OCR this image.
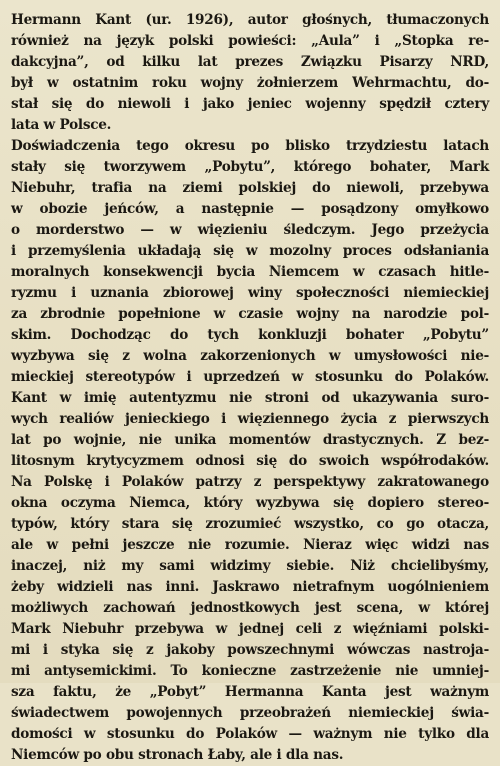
Hermann Kant (ur. 1926), autor głośnych, tłumaczonych
również na język polski powieści: „Aula” i „Stopka re-
dakcyjna”, od kilku lat prezes Związku Pisarzy NRD,
był w ostatnim roku wojny żołnierzem Wehrmachtu, do-
stał się do niewoli i jako jeniec wojenny spędził cztery
lata w Polsce.
Doświadczenia tego okresu po blisko trzydziestu latach
stały się tworzywem „Pobytu”, którego bohater, Mark
Niebuhr, trafia na ziemi polskiej do niewoli, przebywa
w obozie jeńców, a następnie — posądzony omyłkowo
o morderstwo — w więzieniu śledczym. Jego przeżycia
i przemyślenia układają się w mozolny proces odsłaniania
moralnych konsekwencji bycia Niemcem w czasach hitle-
ryzmu i uznania zbiorowej winy społeczności niemieckiej
za zbrodnie popełnione w czasie wojny na narodzie pol-
skim. Dochodząc do tych konkluzji bohater „Pobytu”
wyzbywa się z wolna zakorzenionych w umysłowości nie-
mieckiej stereotypów i uprzedzeń w stosunku do Polaków.
Kant w imię autentyzmu nie stroni od ukazywania suro-
wych realiów jenieckiego i więziennego życia z pierwszych
lat po wojnie, nie unika momentów drastycznych. Z bez-
litosnym krytycyzmem odnosi się do swoich współrodaków.
Na Polskę i Polaków patrzy z perspektywy zakratowanego
okna oczyma Niemca, który wyzbywa się dopiero stereo-
typów, który stara się zrozumieć wszystko, co go otacza,
ale w pełni jeszcze nie rozumie. Nieraz więc widzi nas
inaczej, niż my sami widzimy siebie. Niż chcielibyśmy,
żeby widzieli nas inni. Jaskrawo nietrafnym uogólnieniem
możliwych zachowań jednostkowych jest scena, w której
Mark Niebuhr przebywa w jednej celi z więźniami polski-
mi i styka się z jakoby powszechnymi wówczas nastroja-
mi antysemickimi. To konieczne zastrzeżenie nie umniej-
sza faktu, że „Pobyt” Hermanna Kanta jest ważnym
świadectwem powojennych przeobrażeń niemieckiej świa-
domości w stosunku do Polaków — ważnym nie tylko dla
Niemców po obu stronach Łaby, ale i dla nas.
